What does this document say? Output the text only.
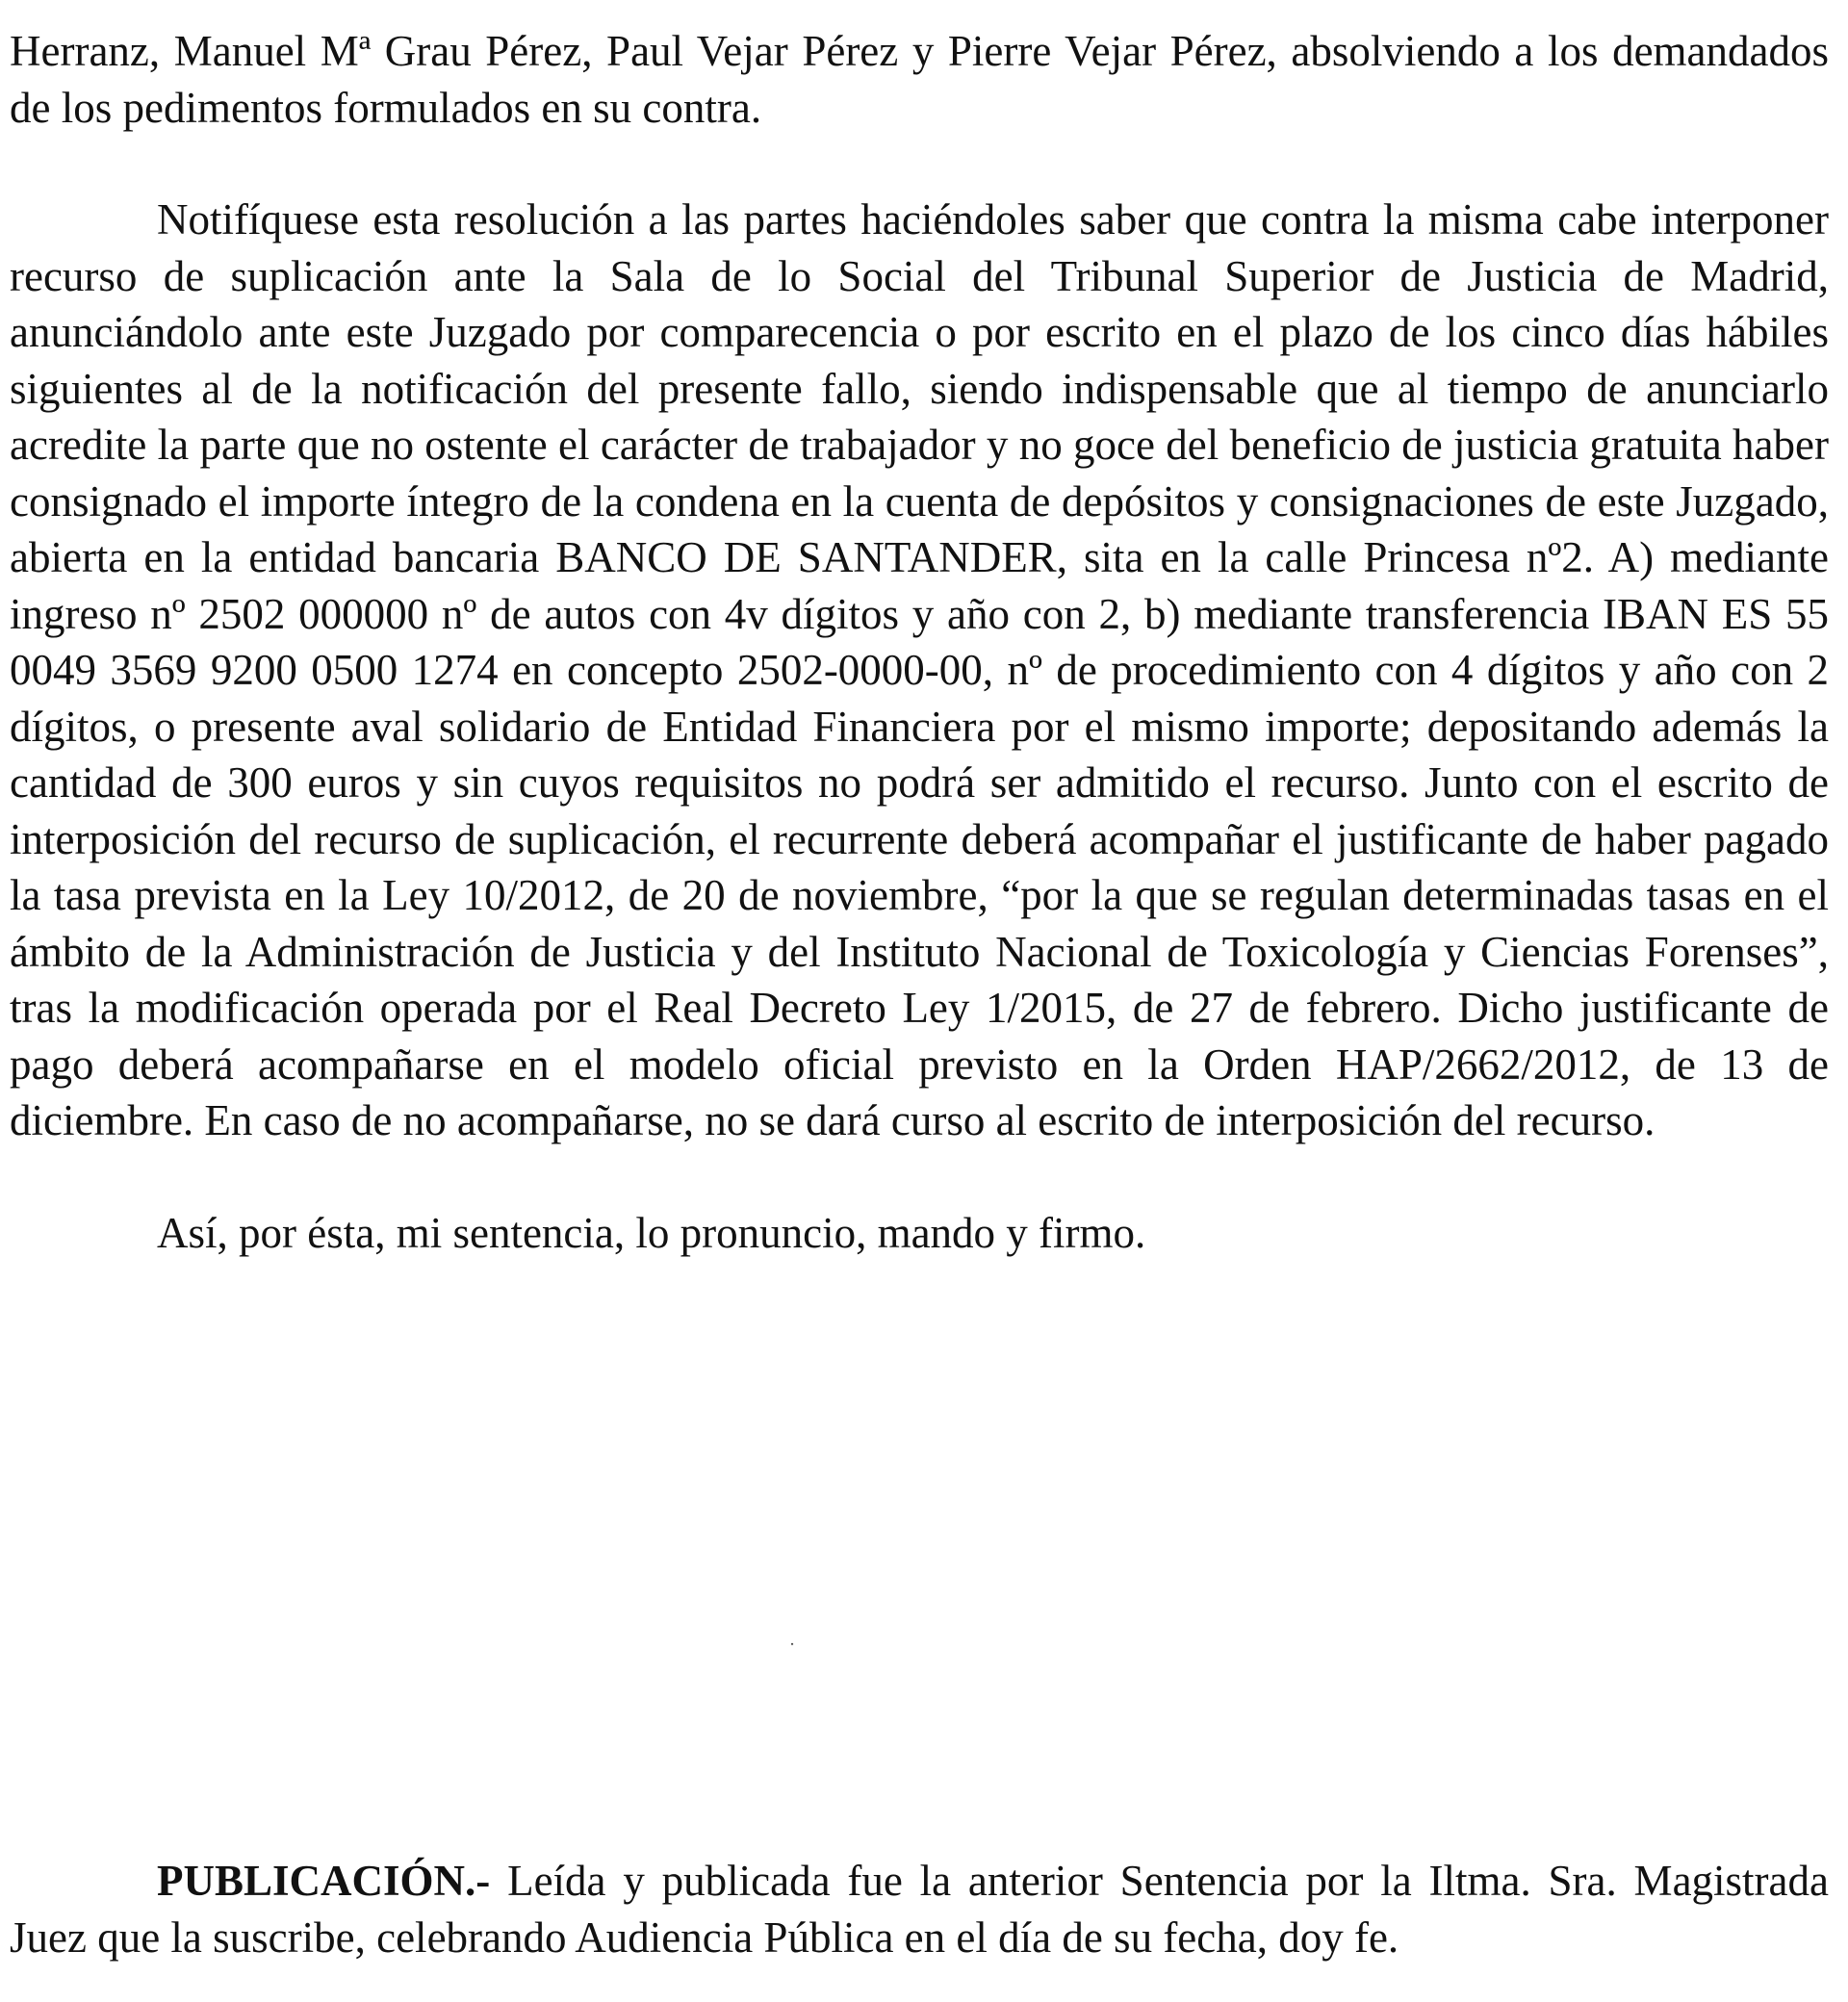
Herranz, Manuel Mª Grau Pérez, Paul Vejar Pérez y Pierre Vejar Pérez, absolviendo a los demandados de los pedimentos formulados en su contra.

Notifíquese esta resolución a las partes haciéndoles saber que contra la misma cabe interponer recurso de suplicación ante la Sala de lo Social del Tribunal Superior de Justicia de Madrid, anunciándolo ante este Juzgado por comparecencia o por escrito en el plazo de los cinco días hábiles siguientes al de la notificación del presente fallo, siendo indispensable que al tiempo de anunciarlo acredite la parte que no ostente el carácter de trabajador y no goce del beneficio de justicia gratuita haber consignado el importe íntegro de la condena en la cuenta de depósitos y consignaciones de este Juzgado, abierta en la entidad bancaria BANCO DE SANTANDER, sita en la calle Princesa nº2. A) mediante ingreso nº 2502 000000 nº de autos con 4v dígitos y año con 2, b) mediante transferencia IBAN ES 55 0049 3569 9200 0500 1274 en concepto 2502-0000-00, nº de procedimiento con 4 dígitos y año con 2 dígitos, o presente aval solidario de Entidad Financiera por el mismo importe; depositando además la cantidad de 300 euros y sin cuyos requisitos no podrá ser admitido el recurso. Junto con el escrito de interposición del recurso de suplicación, el recurrente deberá acompañar el justificante de haber pagado la tasa prevista en la Ley 10/2012, de 20 de noviembre, “por la que se regulan determinadas tasas en el ámbito de la Administración de Justicia y del Instituto Nacional de Toxicología y Ciencias Forenses”, tras la modificación operada por el Real Decreto Ley 1/2015, de 27 de febrero. Dicho justificante de pago deberá acompañarse en el modelo oficial previsto en la Orden HAP/2662/2012, de 13 de diciembre. En caso de no acompañarse, no se dará curso al escrito de interposición del recurso.

Así, por ésta, mi sentencia, lo pronuncio, mando y firmo.

⸼

PUBLICACIÓN.- Leída y publicada fue la anterior Sentencia por la Iltma. Sra. Magistrada Juez que la suscribe, celebrando Audiencia Pública en el día de su fecha, doy fe.
